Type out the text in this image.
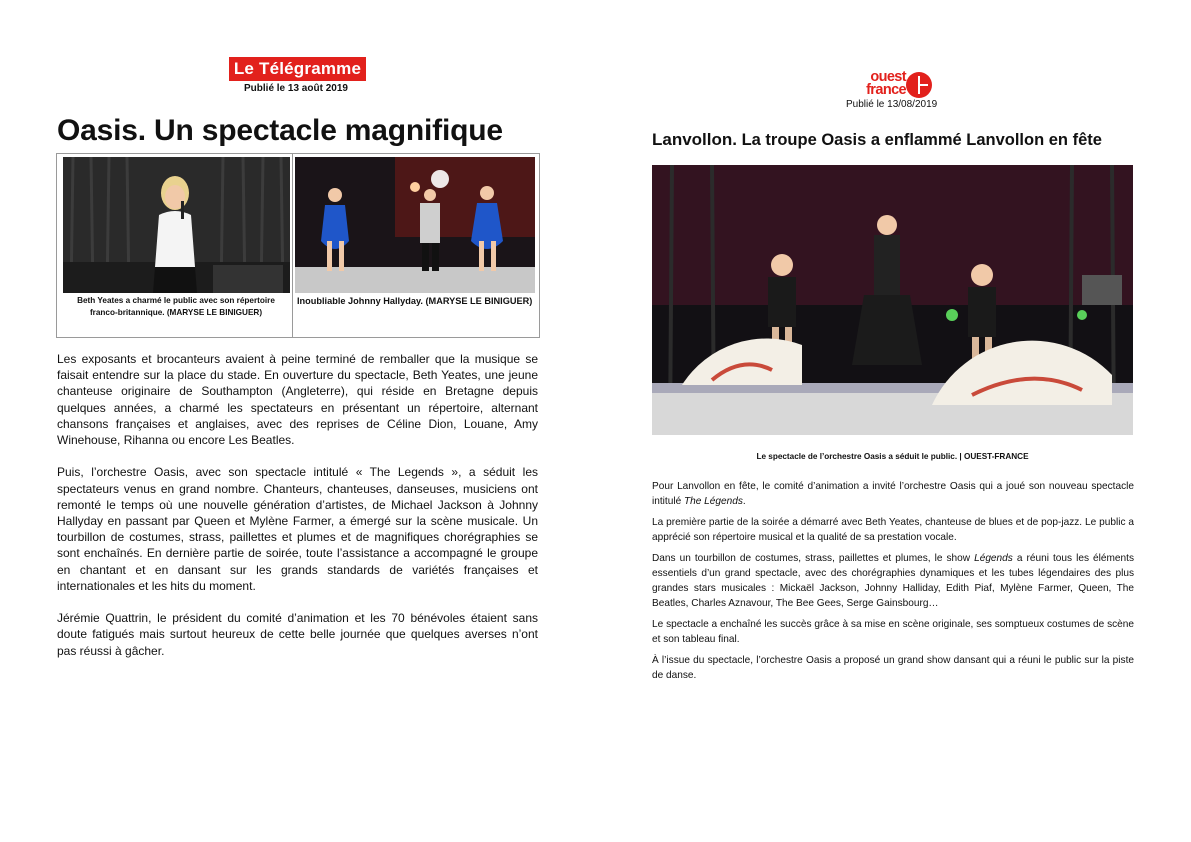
Le Télégramme
Publié le 13 août 2019
Oasis. Un spectacle magnifique
Beth Yeates a charmé le public avec son répertoire franco-britannique. (MARYSE LE BINIGUER)
Inoubliable Johnny Hallyday. (MARYSE LE BINIGUER)

Les exposants et brocanteurs avaient à peine terminé de remballer que la musique se faisait entendre sur la place du stade. En ouverture du spectacle, Beth Yeates, une jeune chanteuse originaire de Southampton (Angleterre), qui réside en Bretagne depuis quelques années, a charmé les spectateurs en présentant un répertoire, alternant chansons françaises et anglaises, avec des reprises de Céline Dion, Louane, Amy Winehouse, Rihanna ou encore Les Beatles.

Puis, l’orchestre Oasis, avec son spectacle intitulé « The Legends », a séduit les spectateurs venus en grand nombre. Chanteurs, chanteuses, danseuses, musiciens ont remonté le temps où une nouvelle génération d’artistes, de Michael Jackson à Johnny Hallyday en passant par Queen et Mylène Farmer, a émergé sur la scène musicale. Un tourbillon de costumes, strass, paillettes et plumes et de magnifiques chorégraphies se sont enchaînés. En dernière partie de soirée, toute l’assistance a accompagné le groupe en chantant et en dansant sur les grands standards de variétés françaises et internationales et les hits du moment.

Jérémie Quattrin, le président du comité d’animation et les 70 bénévoles étaient sans doute fatigués mais surtout heureux de cette belle journée que quelques averses n’ont pas réussi à gâcher.

ouest
france
Publié le 13/08/2019
Lanvollon. La troupe Oasis a enflammé Lanvollon en fête
Le spectacle de l’orchestre Oasis a séduit le public. | OUEST-FRANCE

Pour Lanvollon en fête, le comité d’animation a invité l’orchestre Oasis qui a joué son nouveau spectacle intitulé The Légends.

La première partie de la soirée a démarré avec Beth Yeates, chanteuse de blues et de pop-jazz. Le public a apprécié son répertoire musical et la qualité de sa prestation vocale.

Dans un tourbillon de costumes, strass, paillettes et plumes, le show Légends a réuni tous les éléments essentiels d’un grand spectacle, avec des chorégraphies dynamiques et les tubes légendaires des plus grandes stars musicales : Mickaël Jackson, Johnny Halliday, Edith Piaf, Mylène Farmer, Queen, The Beatles, Charles Aznavour, The Bee Gees, Serge Gainsbourg…

Le spectacle a enchaîné les succès grâce à sa mise en scène originale, ses somptueux costumes de scène et son tableau final.

À l’issue du spectacle, l’orchestre Oasis a proposé un grand show dansant qui a réuni le public sur la piste de danse.
